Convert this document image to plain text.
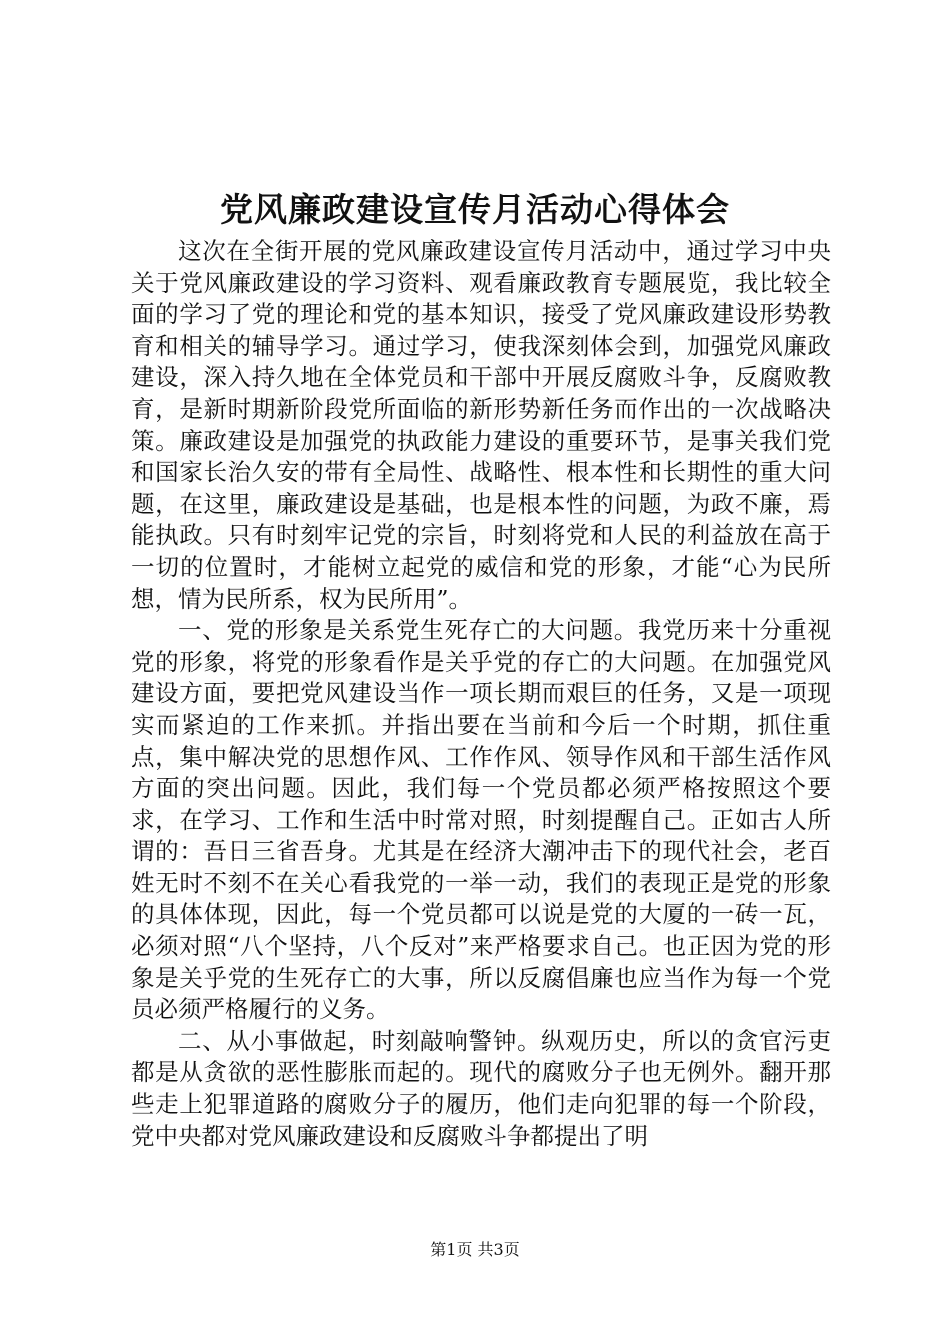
党风廉政建设宣传月活动心得体会

这次在全街开展的党风廉政建设宣传月活动中，通过学习中央关于党风廉政建设的学习资料、观看廉政教育专题展览，我比较全面的学习了党的理论和党的基本知识，接受了党风廉政建设形势教育和相关的辅导学习。通过学习，使我深刻体会到，加强党风廉政建设，深入持久地在全体党员和干部中开展反腐败斗争，反腐败教育，是新时期新阶段党所面临的新形势新任务而作出的一次战略决策。廉政建设是加强党的执政能力建设的重要环节，是事关我们党和国家长治久安的带有全局性、战略性、根本性和长期性的重大问题，在这里，廉政建设是基础，也是根本性的问题，为政不廉，焉能执政。只有时刻牢记党的宗旨，时刻将党和人民的利益放在高于一切的位置时，才能树立起党的威信和党的形象，才能“心为民所想，情为民所系，权为民所用”。

一、党的形象是关系党生死存亡的大问题。我党历来十分重视党的形象，将党的形象看作是关乎党的存亡的大问题。在加强党风建设方面，要把党风建设当作一项长期而艰巨的任务，又是一项现实而紧迫的工作来抓。并指出要在当前和今后一个时期，抓住重点，集中解决党的思想作风、工作作风、领导作风和干部生活作风方面的突出问题。因此，我们每一个党员都必须严格按照这个要求，在学习、工作和生活中时常对照，时刻提醒自己。正如古人所谓的：吾日三省吾身。尤其是在经济大潮冲击下的现代社会，老百姓无时不刻不在关心看我党的一举一动，我们的表现正是党的形象的具体体现，因此，每一个党员都可以说是党的大厦的一砖一瓦，必须对照“八个坚持，八个反对”来严格要求自己。也正因为党的形象是关乎党的生死存亡的大事，所以反腐倡廉也应当作为每一个党员必须严格履行的义务。

二、从小事做起，时刻敲响警钟。纵观历史，所以的贪官污吏都是从贪欲的恶性膨胀而起的。现代的腐败分子也无例外。翻开那些走上犯罪道路的腐败分子的履历，他们走向犯罪的每一个阶段，党中央都对党风廉政建设和反腐败斗争都提出了明

第1页 共3页
